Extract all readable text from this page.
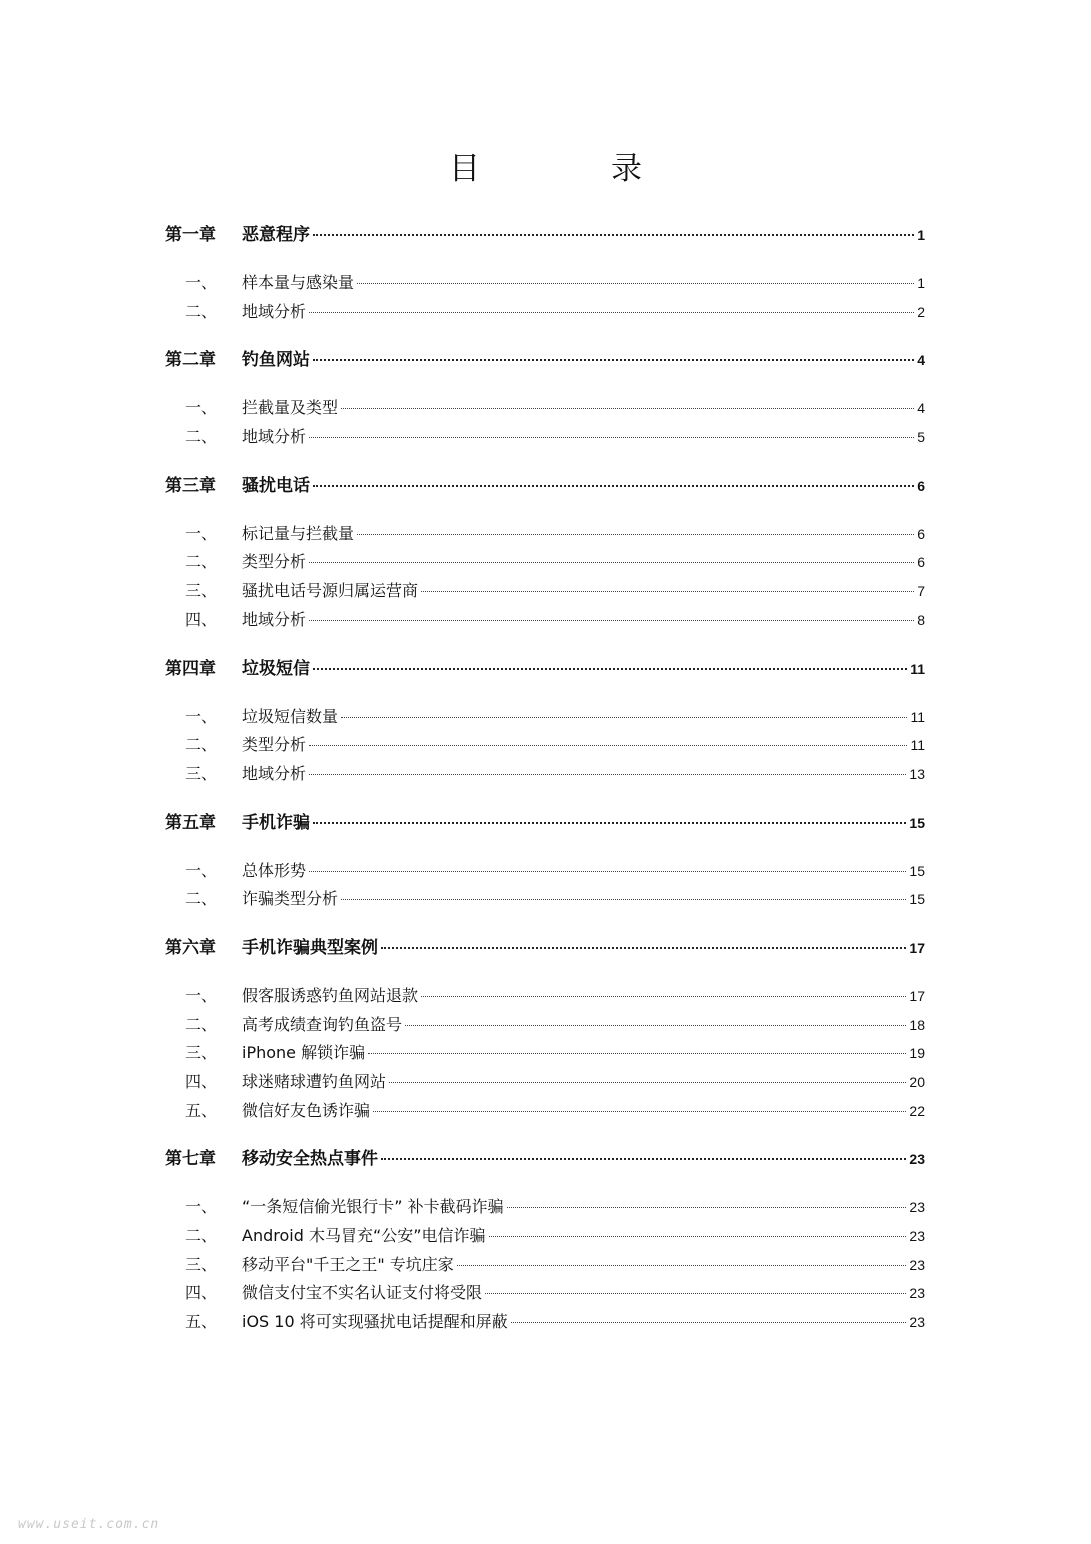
目　录
第一章	恶意程序	1
一、	样本量与感染量	1
二、	地域分析	2
第二章	钓鱼网站	4
一、	拦截量及类型	4
二、	地域分析	5
第三章	骚扰电话	6
一、	标记量与拦截量	6
二、	类型分析	6
三、	骚扰电话号源归属运营商	7
四、	地域分析	8
第四章	垃圾短信	11
一、	垃圾短信数量	11
二、	类型分析	11
三、	地域分析	13
第五章	手机诈骗	15
一、	总体形势	15
二、	诈骗类型分析	15
第六章	手机诈骗典型案例	17
一、	假客服诱惑钓鱼网站退款	17
二、	高考成绩查询钓鱼盗号	18
三、	iPhone 解锁诈骗	19
四、	球迷赌球遭钓鱼网站	20
五、	微信好友色诱诈骗	22
第七章	移动安全热点事件	23
一、	“一条短信偷光银行卡” 补卡截码诈骗	23
二、	Android 木马冒充“公安”电信诈骗	23
三、	移动平台"千王之王" 专坑庄家	23
四、	微信支付宝不实名认证支付将受限	23
五、	iOS 10 将可实现骚扰电话提醒和屏蔽	23
www.useit.com.cn
